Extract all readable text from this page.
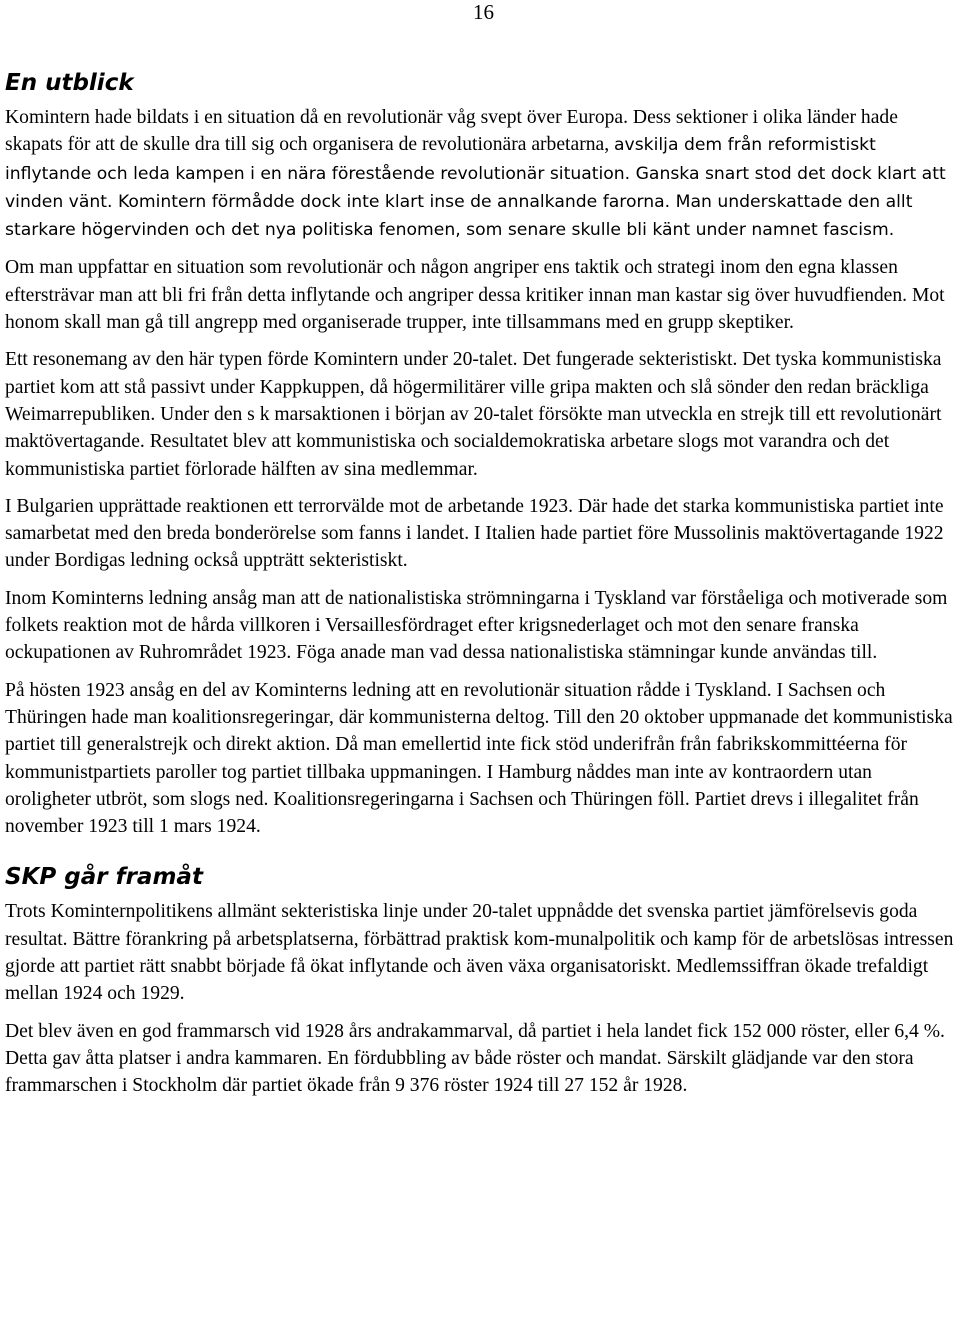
16
En utblick

Komintern hade bildats i en situation då en revolutionär våg svept över Europa. Dess sektioner i olika länder hade skapats för att de skulle dra till sig och organisera de revolutionära arbetarna, avskilja dem från reformistiskt inflytande och leda kampen i en nära förestående revolutionär situation. Ganska snart stod det dock klart att vinden vänt. Komintern förmådde dock inte klart inse de annalkande farorna. Man underskattade den allt starkare högervinden och det nya politiska fenomen, som senare skulle bli känt under namnet fascism.

Om man uppfattar en situation som revolutionär och någon angriper ens taktik och strategi inom den egna klassen eftersträvar man att bli fri från detta inflytande och angriper dessa kritiker innan man kastar sig över huvudfienden. Mot honom skall man gå till angrepp med organiserade trupper, inte tillsammans med en grupp skeptiker.

Ett resonemang av den här typen förde Komintern under 20-talet. Det fungerade sekteristiskt. Det tyska kommunistiska partiet kom att stå passivt under Kappkuppen, då högermilitärer ville gripa makten och slå sönder den redan bräckliga Weimarrepubliken. Under den s k marsaktionen i början av 20-talet försökte man utveckla en strejk till ett revolutionärt maktövertagande. Resultatet blev att kommunistiska och socialdemokratiska arbetare slogs mot varandra och det kommunistiska partiet förlorade hälften av sina medlemmar.

I Bulgarien upprättade reaktionen ett terrorvälde mot de arbetande 1923. Där hade det starka kommunistiska partiet inte samarbetat med den breda bonderörelse som fanns i landet. I Italien hade partiet före Mussolinis maktövertagande 1922 under Bordigas ledning också uppträtt sekteristiskt.

Inom Kominterns ledning ansåg man att de nationalistiska strömningarna i Tyskland var förståeliga och motiverade som folkets reaktion mot de hårda villkoren i Versaillesfördraget efter krigsnederlaget och mot den senare franska ockupationen av Ruhrområdet 1923. Föga anade man vad dessa nationalistiska stämningar kunde användas till.

På hösten 1923 ansåg en del av Kominterns ledning att en revolutionär situation rådde i Tyskland. I Sachsen och Thüringen hade man koalitionsregeringar, där kommunisterna deltog. Till den 20 oktober uppmanade det kommunistiska partiet till generalstrejk och direkt aktion. Då man emellertid inte fick stöd underifrån från fabrikskommittéerna för kommunistpartiets paroller tog partiet tillbaka uppmaningen. I Hamburg nåddes man inte av kontraordern utan oroligheter utbröt, som slogs ned. Koalitionsregeringarna i Sachsen och Thüringen föll. Partiet drevs i illegalitet från november 1923 till 1 mars 1924.

SKP går framåt

Trots Kominternpolitikens allmänt sekteristiska linje under 20-talet uppnådde det svenska partiet jämförelsevis goda resultat. Bättre förankring på arbetsplatserna, förbättrad praktisk kom-munalpolitik och kamp för de arbetslösas intressen gjorde att partiet rätt snabbt började få ökat inflytande och även växa organisatoriskt. Medlemssiffran ökade trefaldigt mellan 1924 och 1929.

Det blev även en god frammarsch vid 1928 års andrakammarval, då partiet i hela landet fick 152 000 röster, eller 6,4 %. Detta gav åtta platser i andra kammaren. En fördubbling av både röster och mandat. Särskilt glädjande var den stora frammarschen i Stockholm där partiet ökade från 9 376 röster 1924 till 27 152 år 1928.
